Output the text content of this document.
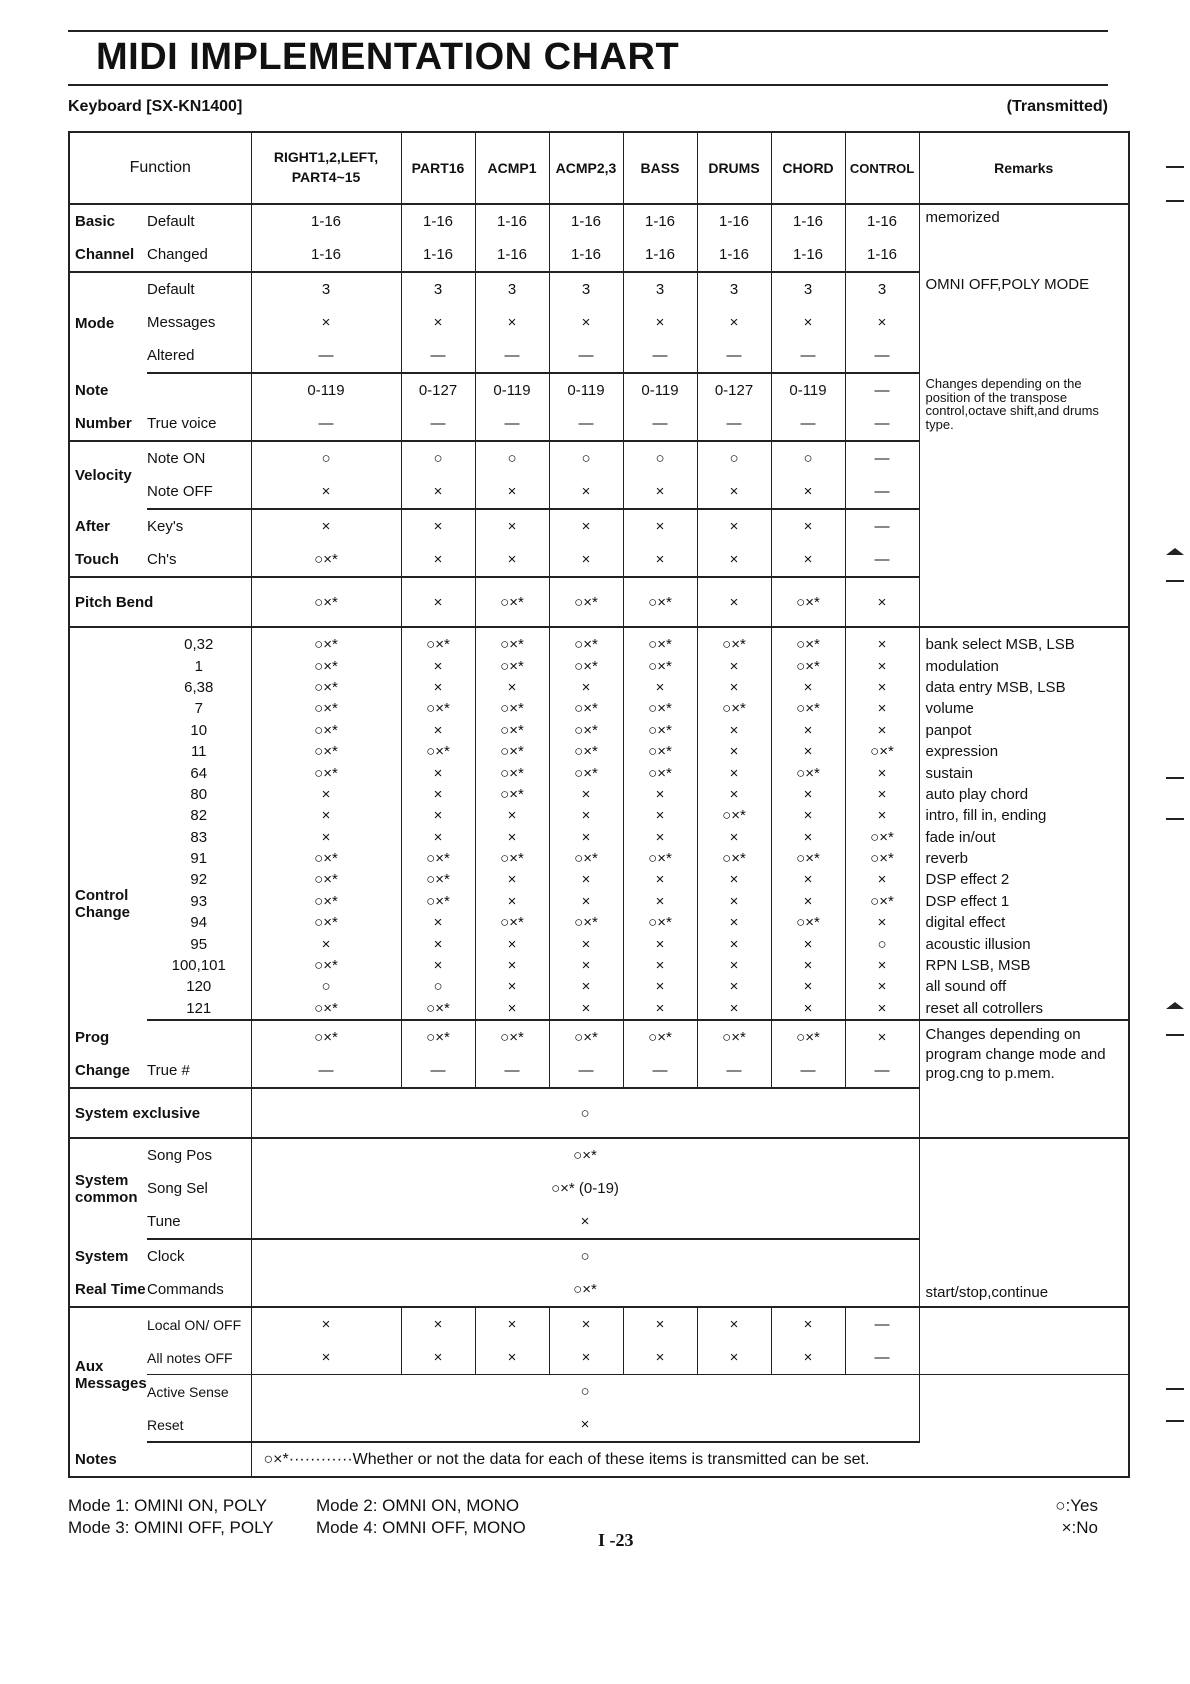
MIDI IMPLEMENTATION CHART
Keyboard [SX-KN1400]	(Transmitted)
Function		RIGHT1,2,LEFT,
PART4~15	PART16	ACMP1	ACMP2,3	BASS	DRUMS	CHORD	CONTROL	Remarks
Basic	Default	1-16	1-16	1-16	1-16	1-16	1-16	1-16	1-16	memorized
Channel	Changed	1-16	1-16	1-16	1-16	1-16	1-16	1-16	1-16	
Mode	Default	3	3	3	3	3	3	3	3	OMNI OFF,POLY MODE
	Messages	×	×	×	×	×	×	×	×	
	Altered	—	—	—	—	—	—	—	—	
Note		0-119	0-127	0-119	0-119	0-119	0-127	0-119	—	Changes depending on the position of the transpose control,octave shift,and drums type.
Number	True voice	—	—	—	—	—	—	—	—	
Velocity	Note ON	○	○	○	○	○	○	○	—	
	Note OFF	×	×	×	×	×	×	×	—	
After	Key's	×	×	×	×	×	×	×	—	
Touch	Ch's	○×*	×	×	×	×	×	×	—	
Pitch Bend		○×*	×	○×*	○×*	○×*	×	○×*	×	
Control
Change	0,32	○×*	○×*	○×*	○×*	○×*	○×*	○×*	×	bank select MSB, LSB
	1	○×*	×	○×*	○×*	○×*	×	○×*	×	modulation
	6,38	○×*	×	×	×	×	×	×	×	data entry MSB, LSB
	7	○×*	○×*	○×*	○×*	○×*	○×*	○×*	×	volume
	10	○×*	×	○×*	○×*	○×*	×	×	×	panpot
	11	○×*	○×*	○×*	○×*	○×*	×	×	○×*	expression
	64	○×*	×	○×*	○×*	○×*	×	○×*	×	sustain
	80	×	×	○×*	×	×	×	×	×	auto play chord
	82	×	×	×	×	×	○×*	×	×	intro, fill in, ending
	83	×	×	×	×	×	×	×	○×*	fade in/out
	91	○×*	○×*	○×*	○×*	○×*	○×*	○×*	○×*	reverb
	92	○×*	○×*	×	×	×	×	×	×	DSP effect 2
	93	○×*	○×*	×	×	×	×	×	○×*	DSP effect 1
	94	○×*	×	○×*	○×*	○×*	×	○×*	×	digital effect
	95	×	×	×	×	×	×	×	○	acoustic illusion
	100,101	○×*	×	×	×	×	×	×	×	RPN LSB, MSB
	120	○	○	×	×	×	×	×	×	all sound off
	121	○×*	○×*	×	×	×	×	×	×	reset all cotrollers
Prog		○×*	○×*	○×*	○×*	○×*	○×*	○×*	×	Changes depending on program change mode and prog.cng to p.mem.
Change	True #	—	—	—	—	—	—	—	—	
System exclusive		○								
System
common	Song Pos	○×*								
	Song Sel	○×* (0-19)								
	Tune	×								
System	Clock	○								start/stop,continue
Real Time	Commands	○×*								
Aux
Messages	Local ON/ OFF	×	×	×	×	×	×	×	—	
	All notes OFF	×	×	×	×	×	×	×	—	
	Active Sense	○								
	Reset	×								
Notes		○×*············Whether or not the data for each of these items is transmitted can be set.								
Mode 1: OMINI ON, POLY	Mode 2: OMNI ON, MONO
Mode 3: OMINI OFF, POLY Mode 4: OMNI OFF, MONO
○:Yes
×:No
I -23
